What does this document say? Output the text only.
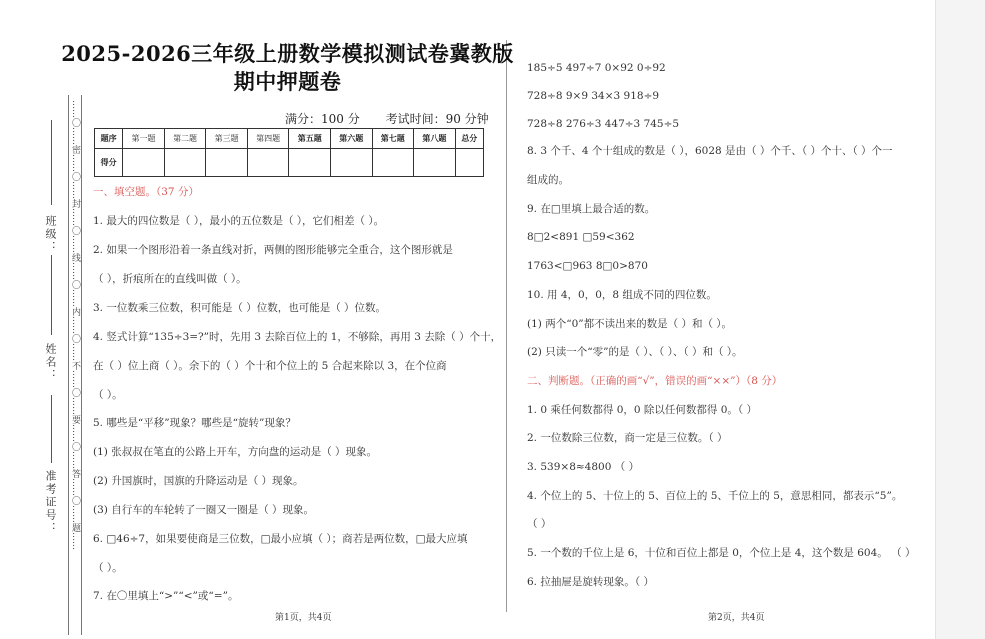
班级：
姓名：
准考证号： ……〇……密……〇……封……〇……线……〇……内……〇……不……〇……要……〇……答……〇……题……
2025-2026三年级上册数学模拟测试卷冀教版
期中押题卷
满分：100 分 考试时间：90 分钟
题序	第一题	第二题	第三题	第四题	第五题	第六题	第七题	第八题	总分
得分									
一、填空题。（37 分）
1. 最大的四位数是（ ），最小的五位数是（ ），它们相差（ ）。
2. 如果一个图形沿着一条直线对折，两侧的图形能够完全重合，这个图形就是
（ ），折痕所在的直线叫做（ ）。
3. 一位数乘三位数，积可能是（ ）位数，也可能是（ ）位数。
4. 竖式计算“135÷3=?”时，先用 3 去除百位上的 1，不够除，再用 3 去除（ ）个十，
在（ ）位上商（ ）。余下的（ ）个十和个位上的 5 合起来除以 3，在个位商
（ ）。
5. 哪些是“平移”现象？哪些是“旋转”现象？
(1) 张叔叔在笔直的公路上开车，方向盘的运动是（ ）现象。
(2) 升国旗时，国旗的升降运动是（ ）现象。
(3) 自行车的车轮转了一圈又一圈是（ ）现象。
6. □46÷7，如果要使商是三位数，□最小应填（ ）；商若是两位数，□最大应填
（ ）。
7. 在〇里填上“>”“<”或“=”。
185÷5 497÷7 0×92 0÷92
728÷8 9×9 34×3 918÷9
728÷8 276÷3 447÷3 745÷5
8. 3 个千、4 个十组成的数是（ ），6028 是由（ ）个千、（ ）个十、（ ）个一
组成的。
9. 在□里填上最合适的数。
8□2<891 □59<362
1763<□963 8□0>870
10. 用 4，0，0，8 组成不同的四位数。
(1) 两个“0”都不读出来的数是（ ）和（ ）。
(2) 只读一个“零”的是（ ）、（ ）、（ ）和（ ）。
二、判断题。（正确的画“√”，错误的画“××”）（8 分）
1. 0 乘任何数都得 0，0 除以任何数都得 0。（ ）
2. 一位数除三位数，商一定是三位数。（ ）
3. 539×8≈4800 （ ）
4. 个位上的 5、十位上的 5、百位上的 5、千位上的 5，意思相同，都表示“5”。
（ ）
5. 一个数的千位上是 6，十位和百位上都是 0，个位上是 4，这个数是 604。 （ ）
6. 拉抽屉是旋转现象。（ ）
第1页，共4页	第2页，共4页
